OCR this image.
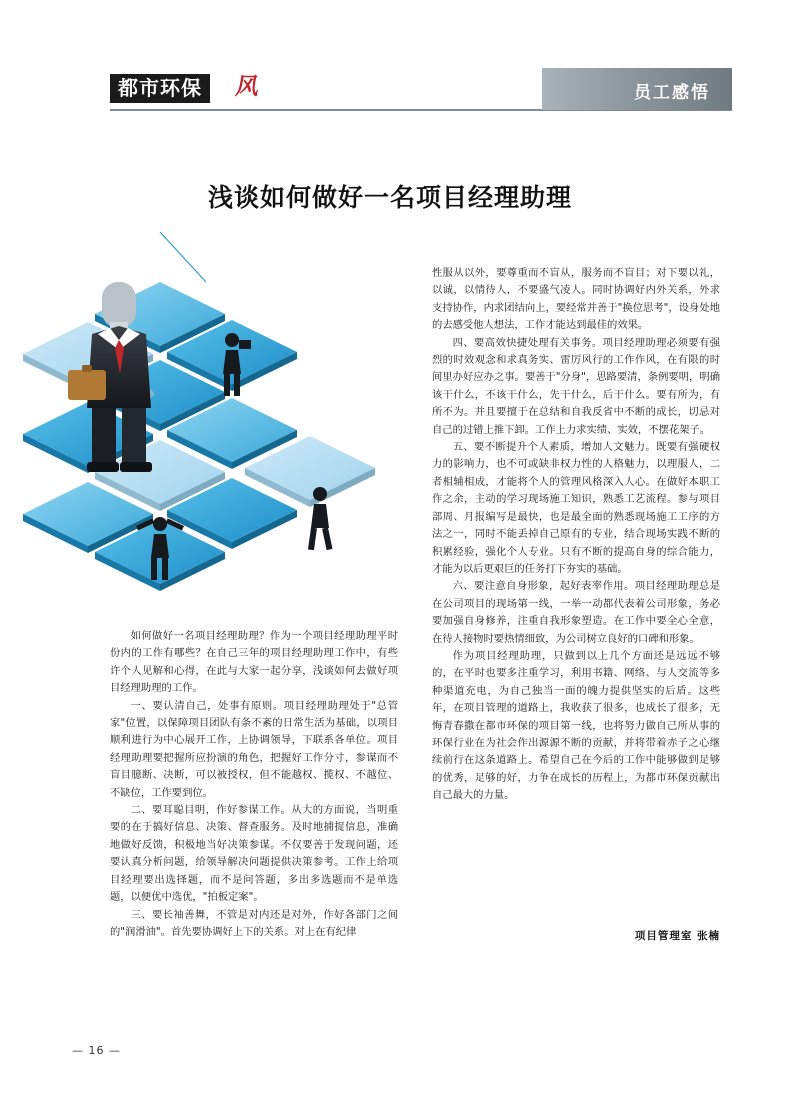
都市环保	风	员工感悟
浅谈如何做好一名项目经理助理

如何做好一名项目经理助理？作为一个项目经理助理平时份内的工作有哪些？在自己三年的项目经理助理工作中，有些许个人见解和心得，在此与大家一起分享，浅谈如何去做好项目经理助理的工作。

一、要认清自己，处事有原则。项目经理助理处于"总管家"位置，以保障项目团队有条不紊的日常生活为基础，以项目顺利进行为中心展开工作，上协调领导，下联系各单位。项目经理助理要把握所应扮演的角色，把握好工作分寸，参谋而不盲目臆断、决断，可以被授权，但不能越权、揽权、不越位、不缺位，工作要到位。

二、要耳聪目明，作好参谋工作。从大的方面说，当明重要的在于搞好信息、决策、督查服务。及时地捕捉信息，准确地做好反馈，积极地当好决策参谋。不仅要善于发现问题，还要认真分析问题，给领导解决问题提供决策参考。工作上给项目经理要出选择题，而不是问答题，多出多选题而不是单选题，以便优中选优，"拍板定案"。

三、要长袖善舞，不管是对内还是对外，作好各部门之间的"润滑油"。首先要协调好上下的关系。对上在有纪律

性服从以外，要尊重而不盲从，服务而不盲目；对下要以礼，以诚，以情待人，不要盛气凌人。同时协调好内外关系，外求支持协作，内求团结向上，要经常并善于"换位思考"，设身处地的去感受他人想法，工作才能达到最佳的效果。

四、要高效快捷处理有关事务。项目经理助理必须要有强烈的时效观念和求真务实、雷厉风行的工作作风，在有限的时间里办好应办之事。要善于"分身"，思路要清，条例要明，明确该干什么，不该干什么，先干什么，后干什么。要有所为，有所不为。并且要擅于在总结和自我反省中不断的成长，切忌对自己的过错上推下卸。工作上力求实绩、实效，不摆花架子。

五、要不断提升个人素质，增加人文魅力。既要有强硬权力的影响力，也不可或缺非权力性的人格魅力，以理服人，二者相辅相成，才能将个人的管理风格深入人心。在做好本职工作之余，主动的学习现场施工知识，熟悉工艺流程。参与项目部周、月报编写是最快，也是最全面的熟悉现场施工工序的方法之一，同时不能丢掉自己原有的专业，结合现场实践不断的积累经验，强化个人专业。只有不断的提高自身的综合能力，才能为以后更艰巨的任务打下夯实的基础。

六、要注意自身形象，起好表率作用。项目经理助理总是在公司项目的现场第一线，一举一动都代表着公司形象，务必要加强自身修养，注重自我形象塑造。在工作中要全心全意，在待人接物时要热情细致，为公司树立良好的口碑和形象。

作为项目经理助理，只做到以上几个方面还是远远不够的，在平时也要多注重学习，利用书籍、网络、与人交流等多种渠道充电，为自己独当一面的魄力提供坚实的后盾。这些年，在项目管理的道路上，我收获了很多，也成长了很多，无悔青春撒在都市环保的项目第一线，也将努力做自己所从事的环保行业在为社会作出源源不断的贡献，并将带着赤子之心继续前行在这条道路上。希望自己在今后的工作中能够做到足够的优秀，足够的好，力争在成长的历程上，为都市环保贡献出自己最大的力量。

项目管理室 张楠
— 16 —
